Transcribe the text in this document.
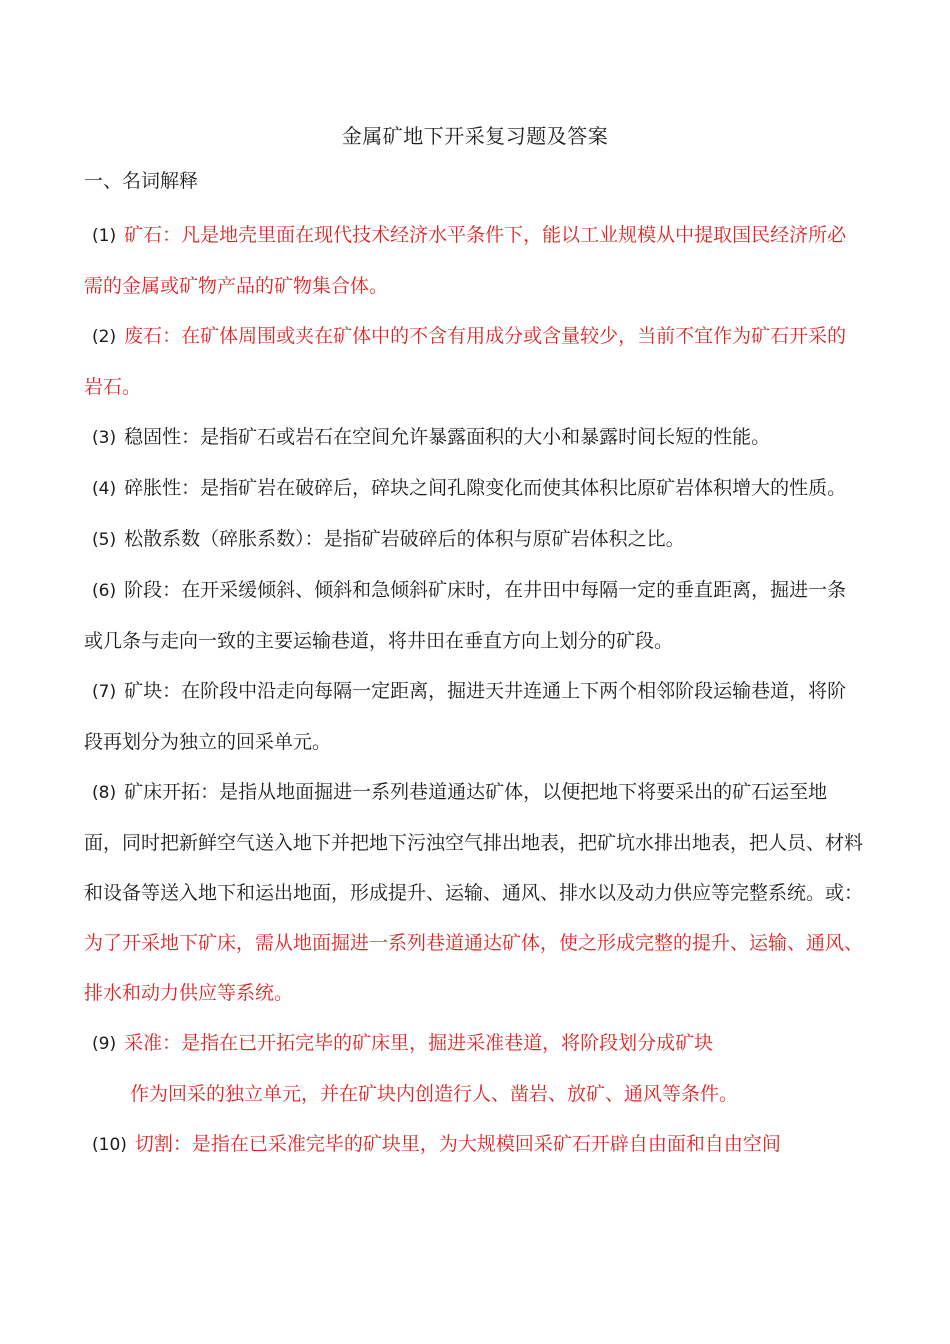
金属矿地下开采复习题及答案
一、名词解释

(1) 矿石：凡是地壳里面在现代技术经济水平条件下，能以工业规模从中提取国民经济所必需的金属或矿物产品的矿物集合体。

(2) 废石：在矿体周围或夹在矿体中的不含有用成分或含量较少，当前不宜作为矿石开采的岩石。

(3) 稳固性：是指矿石或岩石在空间允许暴露面积的大小和暴露时间长短的性能。

(4) 碎胀性：是指矿岩在破碎后，碎块之间孔隙变化而使其体积比原矿岩体积增大的性质。

(5) 松散系数（碎胀系数）：是指矿岩破碎后的体积与原矿岩体积之比。

(6) 阶段：在开采缓倾斜、倾斜和急倾斜矿床时，在井田中每隔一定的垂直距离，掘进一条或几条与走向一致的主要运输巷道，将井田在垂直方向上划分的矿段。

(7) 矿块：在阶段中沿走向每隔一定距离，掘进天井连通上下两个相邻阶段运输巷道，将阶段再划分为独立的回采单元。

(8) 矿床开拓：是指从地面掘进一系列巷道通达矿体，以便把地下将要采出的矿石运至地面，同时把新鲜空气送入地下并把地下污浊空气排出地表，把矿坑水排出地表，把人员、材料和设备等送入地下和运出地面，形成提升、运输、通风、排水以及动力供应等完整系统。或：为了开采地下矿床，需从地面掘进一系列巷道通达矿体，使之形成完整的提升、运输、通风、排水和动力供应等系统。

(9) 采准：是指在已开拓完毕的矿床里，掘进采准巷道，将阶段划分成矿块

作为回采的独立单元，并在矿块内创造行人、凿岩、放矿、通风等条件。

(10) 切割：是指在已采准完毕的矿块里，为大规模回采矿石开辟自由面和自由空间
